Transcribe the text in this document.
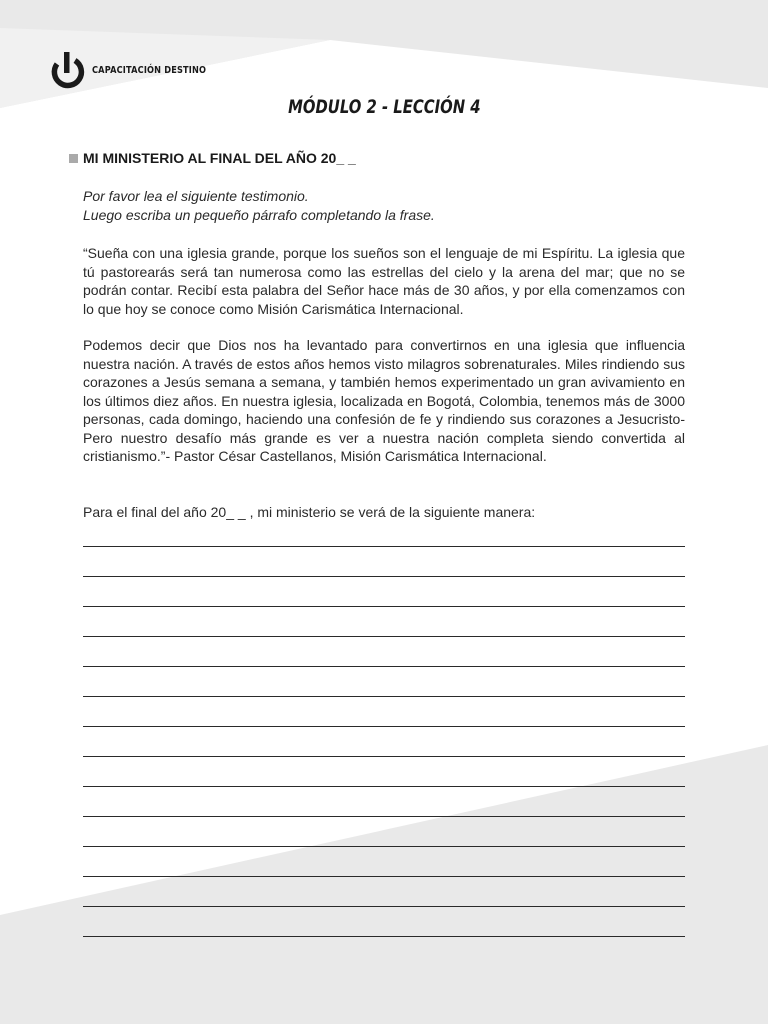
CAPACITACIÓN DESTINO
MÓDULO 2 - LECCIÓN 4
MI MINISTERIO AL FINAL DEL AÑO 20_ _
Por favor lea el siguiente testimonio.
Luego escriba un pequeño párrafo completando la frase.
“Sueña con una iglesia grande, porque los sueños son el lenguaje de mi Espíritu. La iglesia que tú pastorearás será tan numerosa como las estrellas del cielo y la arena del mar; que no se podrán contar. Recibí esta palabra del Señor hace más de 30 años, y por ella comenzamos con lo que hoy se conoce como Misión Carismática Internacional.
Podemos decir que Dios nos ha levantado para convertirnos en una iglesia que influencia nuestra nación. A través de estos años hemos visto milagros sobrenaturales. Miles rindiendo sus corazones a Jesús semana a semana, y también hemos experimentado un gran avivamiento en los últimos diez años. En nuestra iglesia, localizada en Bogotá, Colombia, tenemos más de 3000 personas, cada domingo, haciendo una confesión de fe y rindiendo sus corazones a Jesucristo- Pero nuestro desafío más grande es ver a nuestra nación completa siendo convertida al cristianismo.”- Pastor César Castellanos, Misión Carismática Internacional.
Para el final del año 20_ _ , mi ministerio se verá de la siguiente manera:
